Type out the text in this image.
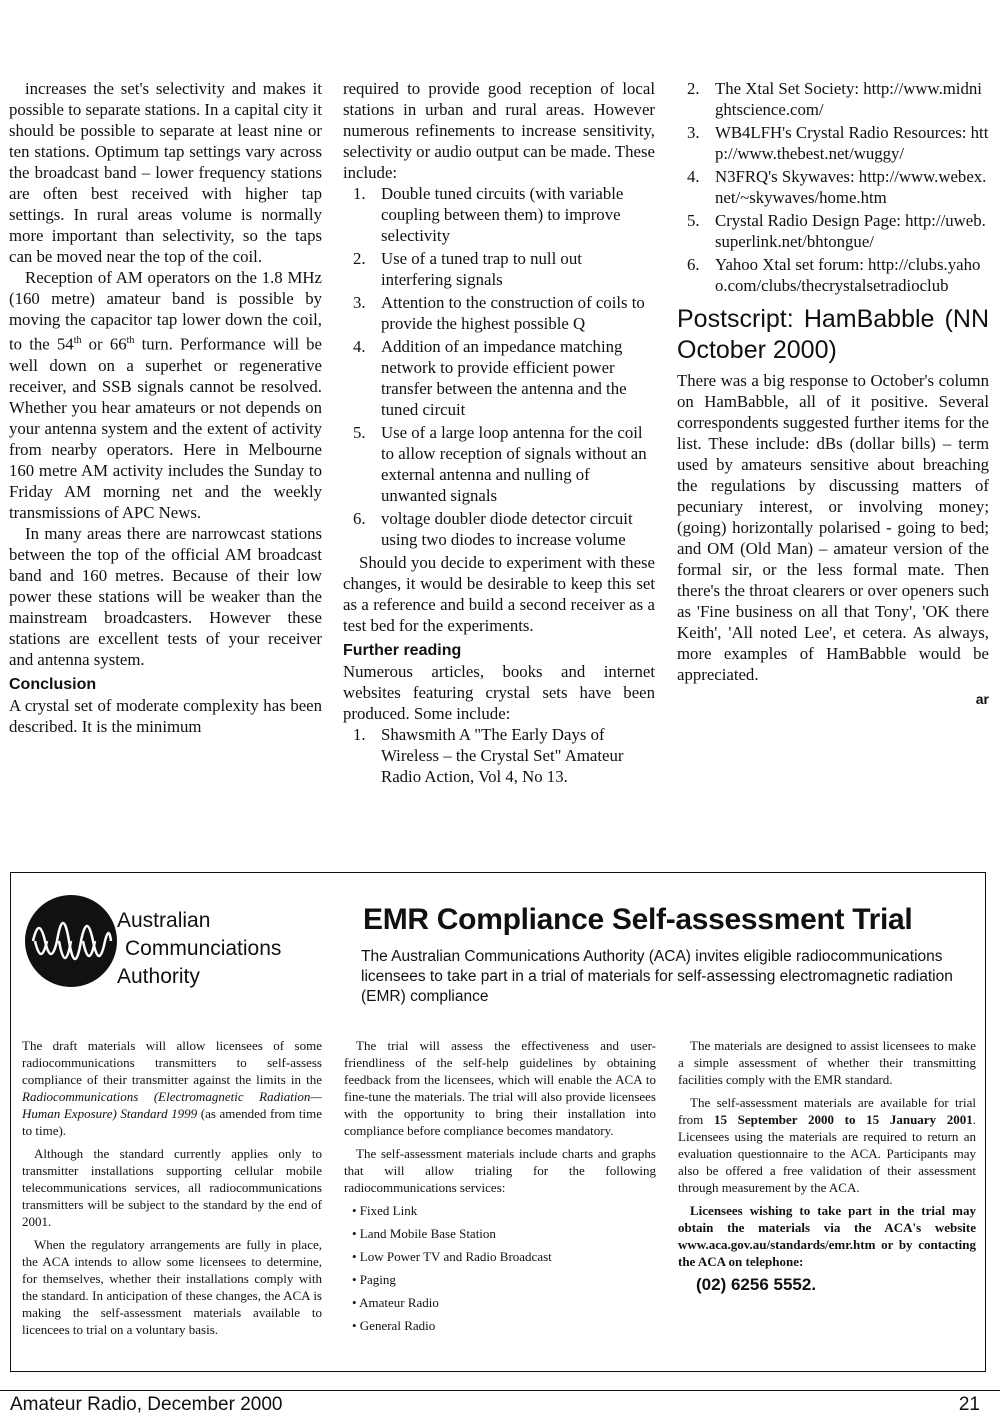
increases the set's selectivity and makes it possible to separate stations. In a capital city it should be possible to separate at least nine or ten stations. Optimum tap settings vary across the broadcast band – lower frequency stations are often best received with higher tap settings. In rural areas volume is normally more important than selectivity, so the taps can be moved near the top of the coil.

Reception of AM operators on the 1.8 MHz (160 metre) amateur band is possible by moving the capacitor tap lower down the coil, to the 54th or 66th turn. Performance will be well down on a superhet or regenerative receiver, and SSB signals cannot be resolved. Whether you hear amateurs or not depends on your antenna system and the extent of activity from nearby operators. Here in Melbourne 160 metre AM activity includes the Sunday to Friday AM morning net and the weekly transmissions of APC News.

In many areas there are narrowcast stations between the top of the official AM broadcast band and 160 metres. Because of their low power these stations will be weaker than the mainstream broadcasters. However these stations are excellent tests of your receiver and antenna system.

Conclusion

A crystal set of moderate complexity has been described. It is the minimum

required to provide good reception of local stations in urban and rural areas. However numerous refinements to increase sensitivity, selectivity or audio output can be made. These include:

1. Double tuned circuits (with variable coupling between them) to improve selectivity
2. Use of a tuned trap to null out interfering signals
3. Attention to the construction of coils to provide the highest possible Q
4. Addition of an impedance matching network to provide efficient power transfer between the antenna and the tuned circuit
5. Use of a large loop antenna for the coil to allow reception of signals without an external antenna and nulling of unwanted signals
6. voltage doubler diode detector circuit using two diodes to increase volume

Should you decide to experiment with these changes, it would be desirable to keep this set as a reference and build a second receiver as a test bed for the experiments.

Further reading

Numerous articles, books and internet websites featuring crystal sets have been produced. Some include:

1. Shawsmith A "The Early Days of Wireless – the Crystal Set" Amateur Radio Action, Vol 4, No 13.
2. The Xtal Set Society: http://www.midnightscience.com/
3. WB4LFH's Crystal Radio Resources: http://www.thebest.net/wuggy/
4. N3FRQ's Skywaves: http://www.webex.net/~skywaves/home.htm
5. Crystal Radio Design Page: http://uweb.superlink.net/bhtongue/
6. Yahoo Xtal set forum: http://clubs.yahoo.com/clubs/thecrystalsetradioclub
Postscript: HamBabble (NN October 2000)

There was a big response to October's column on HamBabble, all of it positive. Several correspondents suggested further items for the list. These include: dBs (dollar bills) – term used by amateurs sensitive about breaching the regulations by discussing matters of pecuniary interest, or involving money; (going) horizontally polarised - going to bed; and OM (Old Man) – amateur version of the formal sir, or the less formal mate. Then there's the throat clearers or over openers such as 'Fine business on all that Tony', 'OK there Keith', 'All noted Lee', et cetera. As always, more examples of HamBabble would be appreciated.

ar
Australian
Communciations
Authority
EMR Compliance Self-assessment Trial
The Australian Communications Authority (ACA) invites eligible radiocommunications licensees to take part in a trial of materials for self-assessing electromagnetic radiation (EMR) compliance

The draft materials will allow licensees of some radiocommunications transmitters to self-assess compliance of their transmitter against the limits in the Radiocommunications (Electromagnetic Radiation—Human Exposure) Standard 1999 (as amended from time to time).

Although the standard currently applies only to transmitter installations supporting cellular mobile telecommunications services, all radiocommunications transmitters will be subject to the standard by the end of 2001.

When the regulatory arrangements are fully in place, the ACA intends to allow some licensees to determine, for themselves, whether their installations comply with the standard. In anticipation of these changes, the ACA is making the self-assessment materials available to licencees to trial on a voluntary basis.

The trial will assess the effectiveness and user-friendliness of the self-help guidelines by obtaining feedback from the licensees, which will enable the ACA to fine-tune the materials. The trial will also provide licensees with the opportunity to bring their installation into compliance before compliance becomes mandatory.

The self-assessment materials include charts and graphs that will allow trialing for the following radiocommunications services:

• Fixed Link
• Land Mobile Base Station
• Low Power TV and Radio Broadcast
• Paging
• Amateur Radio
• General Radio

The materials are designed to assist licensees to make a simple assessment of whether their transmitting facilities comply with the EMR standard.

The self-assessment materials are available for trial from 15 September 2000 to 15 January 2001. Licensees using the materials are required to return an evaluation questionnaire to the ACA. Participants may also be offered a free validation of their assessment through measurement by the ACA.

Licensees wishing to take part in the trial may obtain the materials via the ACA's website www.aca.gov.au/standards/emr.htm or by contacting the ACA on telephone:

(02) 6256 5552.
Amateur Radio, December 2000	21
